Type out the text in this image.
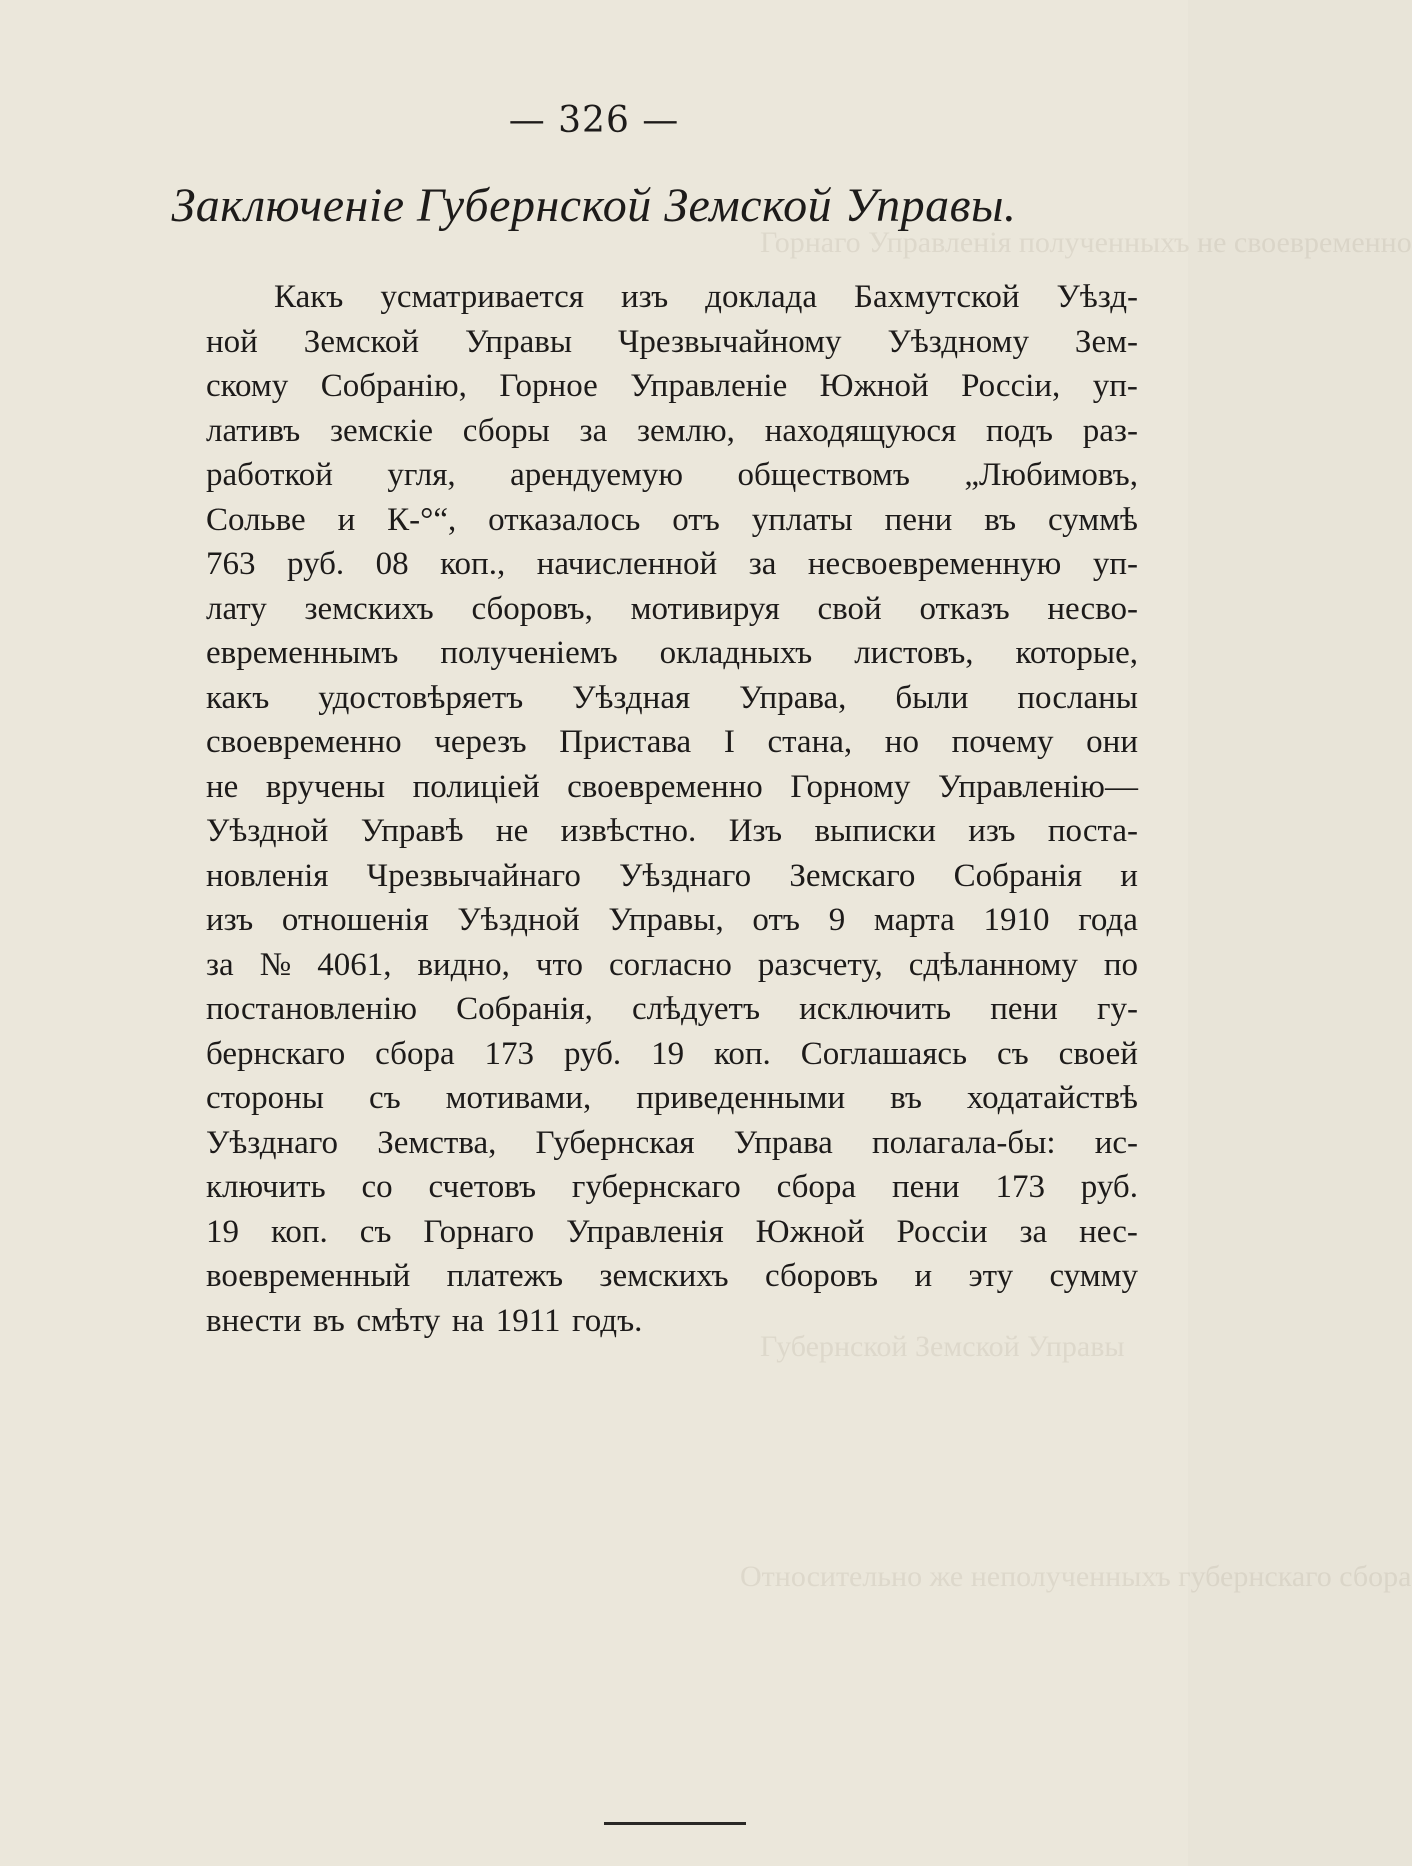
Горнаго Управленія полученныхъ не своевременно
Губернской Земской Управы
Относительно же неполученныхъ губернскаго сбора
— 326 —
Заключенiе Губернской Земской Управы.
Какъ усматривается изъ доклада Бахмутской Уѣзд-
ной Земской Управы Чрезвычайному Уѣздному Зем-
скому Собранію, Горное Управленіе Южной Россіи, уп-
лативъ земскіе сборы за землю, находящуюся подъ раз-
работкой угля, арендуемую обществомъ „Любимовъ,
Сольве и К-°“, отказалось отъ уплаты пени въ суммѣ
763 руб. 08 коп., начисленной за несвоевременную уп-
лату земскихъ сборовъ, мотивируя свой отказъ несво-
евременнымъ полученіемъ окладныхъ листовъ, которые,
какъ удостовѣряетъ Уѣздная Управа, были посланы
своевременно черезъ Пристава I стана, но почему они
не вручены полиціей своевременно Горному Управленію—
Уѣздной Управѣ не извѣстно. Изъ выписки изъ поста-
новленія Чрезвычайнаго Уѣзднаго Земскаго Собранія и
изъ отношенія Уѣздной Управы, отъ 9 марта 1910 года
за № 4061, видно, что согласно разсчету, сдѣланному по
постановленію Собранія, слѣдуетъ исключить пени гу-
бернскаго сбора 173 руб. 19 коп. Соглашаясь съ своей
стороны съ мотивами, приведенными въ ходатайствѣ
Уѣзднаго Земства, Губернская Управа полагала-бы: ис-
ключить со счетовъ губернскаго сбора пени 173 руб.
19 коп. съ Горнаго Управленія Южной Россіи за нес-
воевременный платежъ земскихъ сборовъ и эту сумму
внести въ смѣту на 1911 годъ.
